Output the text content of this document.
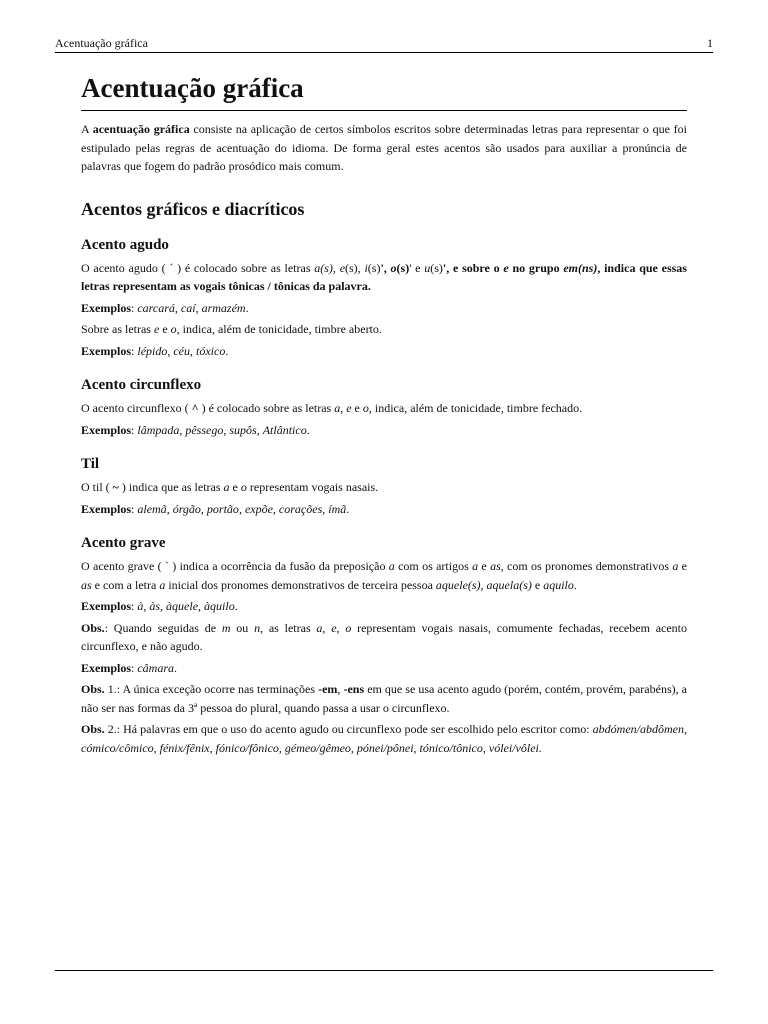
Acentuação gráfica	1
Acentuação gráfica

A acentuação gráfica consiste na aplicação de certos símbolos escritos sobre determinadas letras para representar o que foi estipulado pelas regras de acentuação do idioma. De forma geral estes acentos são usados para auxiliar a pronúncia de palavras que fogem do padrão prosódico mais comum.

Acentos gráficos e diacríticos
Acento agudo

O acento agudo ( ´ ) é colocado sobre as letras a(s), e(s), i(s)', o(s)' e u(s)', e sobre o e no grupo em(ns), indica que essas letras representam as vogais tônicas / tônicas da palavra.

Exemplos: carcará, caí, armazém.

Sobre as letras e e o, indica, além de tonicidade, timbre aberto.

Exemplos: lépido, céu, tóxico.

Acento circunflexo

O acento circunflexo ( ^ ) é colocado sobre as letras a, e e o, indica, além de tonicidade, timbre fechado.

Exemplos: lâmpada, pêssego, supôs, Atlântico.

Til

O til ( ~ ) indica que as letras a e o representam vogais nasais.

Exemplos: alemã, órgão, portão, expõe, corações, ímã.

Acento grave

O acento grave ( ` ) indica a ocorrência da fusão da preposição a com os artigos a e as, com os pronomes demonstrativos a e as e com a letra a inicial dos pronomes demonstrativos de terceira pessoa aquele(s), aquela(s) e aquilo.

Exemplos: à, às, àquele, àquilo.

Obs.: Quando seguidas de m ou n, as letras a, e, o representam vogais nasais, comumente fechadas, recebem acento circunflexo, e não agudo.

Exemplos: câmara.

Obs. 1.: A única exceção ocorre nas terminações -em, -ens em que se usa acento agudo (porém, contém, provém, parabéns), a não ser nas formas da 3ª pessoa do plural, quando passa a usar o circunflexo.

Obs. 2.: Há palavras em que o uso do acento agudo ou circunflexo pode ser escolhido pelo escritor como: abdómen/abdômen, cómico/cômico, fénix/fênix, fónico/fônico, gémeo/gêmeo, pónei/pônei, tónico/tônico, vólei/vôlei.
